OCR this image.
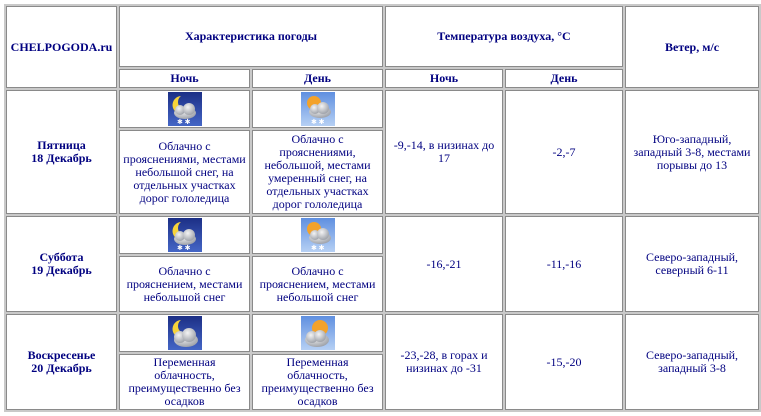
CHELPOGODA.ru	Характеристика погоды		Температура воздуха, °С		Ветер, м/с
	Ночь	День	Ночь	День	

Пятница
18 Декабрь	✱ ✱	✱ ✱	-9,-14, в низинах до 17	-2,-7	Юго-западный, западный 3-8, местами порывы до 13
	Облачно с прояснениями, местами небольшой снег, на отдельных участках дорог гололедица	Облачно с прояснениями, небольшой, местами умеренный снег, на отдельных участках дорог гололедица			

Суббота
19 Декабрь	✱ ✱	✱ ✱	-16,-21	-11,-16	Северо-западный, северный 6-11
	Облачно с прояснением, местами небольшой снег	Облачно с прояснением, местами небольшой снег			

Воскресенье
20 Декабрь			-23,-28, в горах и низинах до -31	-15,-20	Северо-западный, западный 3-8
	Переменная облачность, преимущественно без осадков	Переменная облачность, преимущественно без осадков			
